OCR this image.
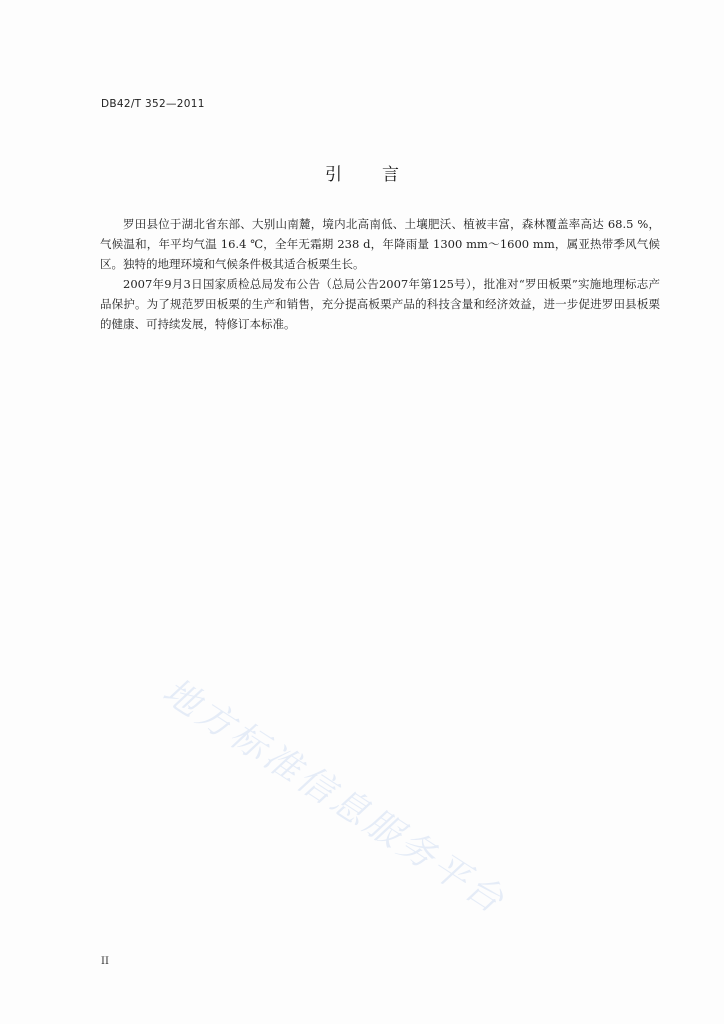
DB42/T 352—2011
引 言

罗田县位于湖北省东部、大别山南麓，境内北高南低、土壤肥沃、植被丰富，森林覆盖率高达 68.5 %，气候温和，年平均气温 16.4 ℃，全年无霜期 238 d，年降雨量 1300 mm～1600 mm，属亚热带季风气候区。独特的地理环境和气候条件极其适合板栗生长。

2007年9月3日国家质检总局发布公告（总局公告2007年第125号），批准对“罗田板栗”实施地理标志产品保护。为了规范罗田板栗的生产和销售，充分提高板栗产品的科技含量和经济效益，进一步促进罗田县板栗的健康、可持续发展，特修订本标准。

地方标准信息服务平台
II
